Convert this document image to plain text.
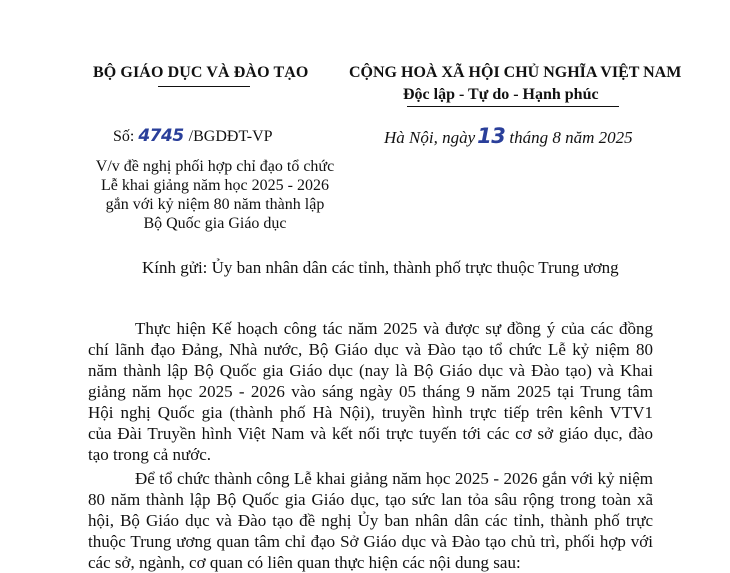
BỘ GIÁO DỤC VÀ ĐÀO TẠO	CỘNG HOÀ XÃ HỘI CHỦ NGHĨA VIỆT NAM
Độc lập - Tự do - Hạnh phúc
Số: 4745 /BGDĐT-VP	Hà Nội, ngày 13 tháng 8 năm 2025
V/v đề nghị phối hợp chỉ đạo tổ chức
Lễ khai giảng năm học 2025 - 2026
gắn với kỷ niệm 80 năm thành lập
Bộ Quốc gia Giáo dục
Kính gửi: Ủy ban nhân dân các tỉnh, thành phố trực thuộc Trung ương
Thực hiện Kế hoạch công tác năm 2025 và được sự đồng ý của các đồng
chí lãnh đạo Đảng, Nhà nước, Bộ Giáo dục và Đào tạo tổ chức Lễ kỷ niệm 80
năm thành lập Bộ Quốc gia Giáo dục (nay là Bộ Giáo dục và Đào tạo) và Khai
giảng năm học 2025 - 2026 vào sáng ngày 05 tháng 9 năm 2025 tại Trung tâm
Hội nghị Quốc gia (thành phố Hà Nội), truyền hình trực tiếp trên kênh VTV1
của Đài Truyền hình Việt Nam và kết nối trực tuyến tới các cơ sở giáo dục, đào
tạo trong cả nước.
Để tổ chức thành công Lễ khai giảng năm học 2025 - 2026 gắn với kỷ niệm
80 năm thành lập Bộ Quốc gia Giáo dục, tạo sức lan tỏa sâu rộng trong toàn xã
hội, Bộ Giáo dục và Đào tạo đề nghị Ủy ban nhân dân các tỉnh, thành phố trực
thuộc Trung ương quan tâm chỉ đạo Sở Giáo dục và Đào tạo chủ trì, phối hợp với
các sở, ngành, cơ quan có liên quan thực hiện các nội dung sau:
